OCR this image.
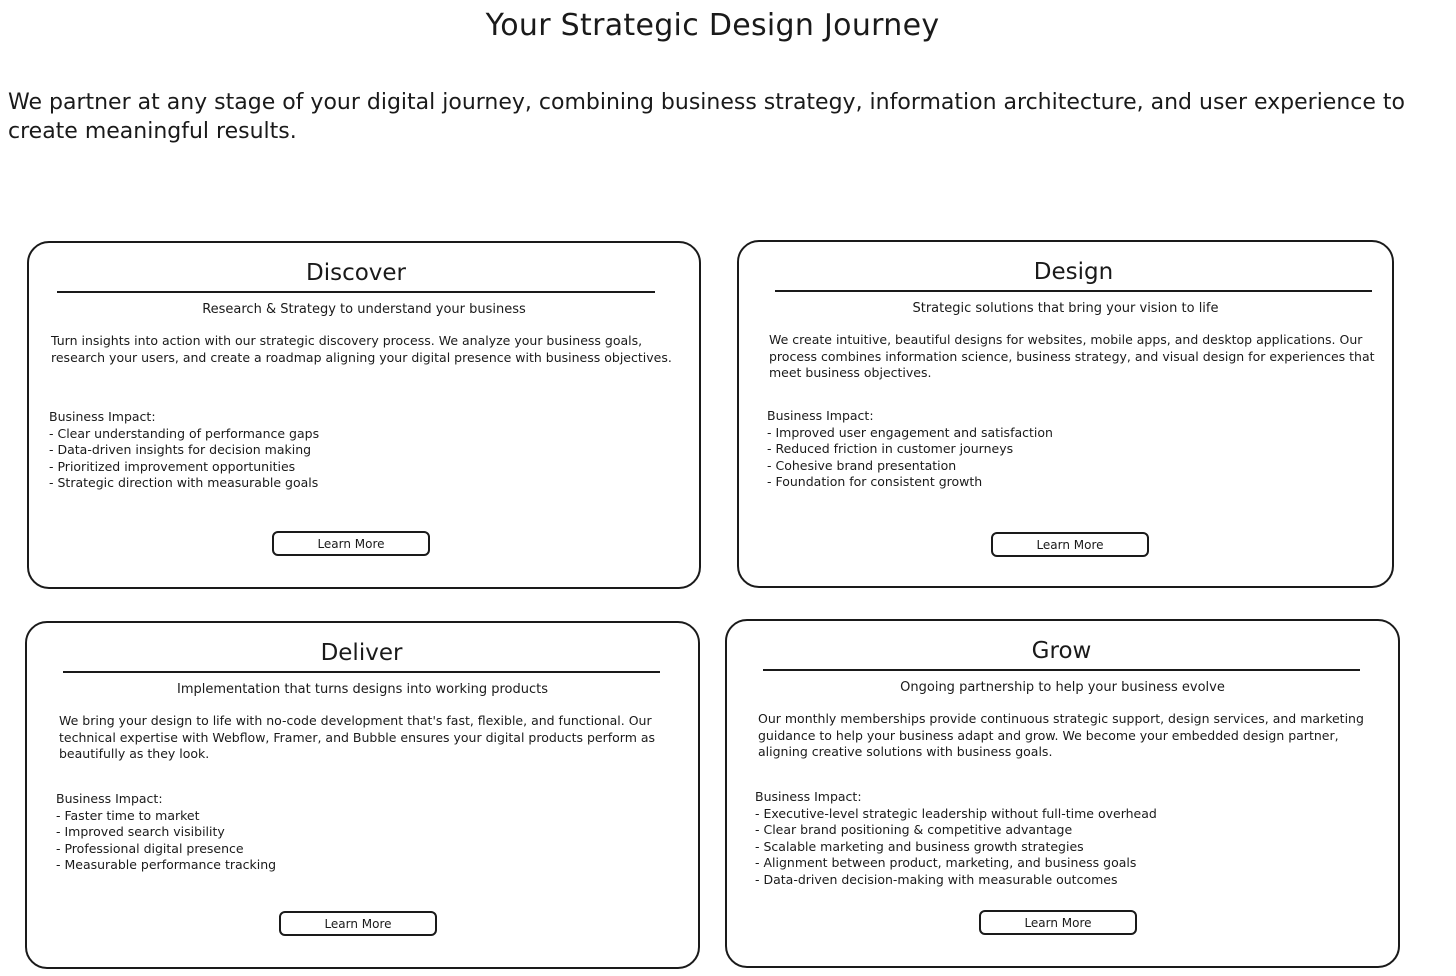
Your Strategic Design Journey

We partner at any stage of your digital journey, combining business strategy, information architecture, and user experience to create meaningful results.

Discover
Research & Strategy to understand your business
Turn insights into action with our strategic discovery process. We analyze your business goals, research your users, and create a roadmap aligning your digital presence with business objectives.
Business Impact:
- Clear understanding of performance gaps
- Data-driven insights for decision making
- Prioritized improvement opportunities
- Strategic direction with measurable goals
Learn More
Design
Strategic solutions that bring your vision to life
We create intuitive, beautiful designs for websites, mobile apps, and desktop applications. Our process combines information science, business strategy, and visual design for experiences that meet business objectives.
Business Impact:
- Improved user engagement and satisfaction
- Reduced friction in customer journeys
- Cohesive brand presentation
- Foundation for consistent growth
Learn More
Deliver
Implementation that turns designs into working products
We bring your design to life with no-code development that's fast, flexible, and functional. Our technical expertise with Webflow, Framer, and Bubble ensures your digital products perform as beautifully as they look.
Business Impact:
- Faster time to market
- Improved search visibility
- Professional digital presence
- Measurable performance tracking
Learn More
Grow
Ongoing partnership to help your business evolve
Our monthly memberships provide continuous strategic support, design services, and marketing guidance to help your business adapt and grow. We become your embedded design partner, aligning creative solutions with business goals.
Business Impact:
- Executive-level strategic leadership without full-time overhead
- Clear brand positioning & competitive advantage
- Scalable marketing and business growth strategies
- Alignment between product, marketing, and business goals
- Data-driven decision-making with measurable outcomes
Learn More
